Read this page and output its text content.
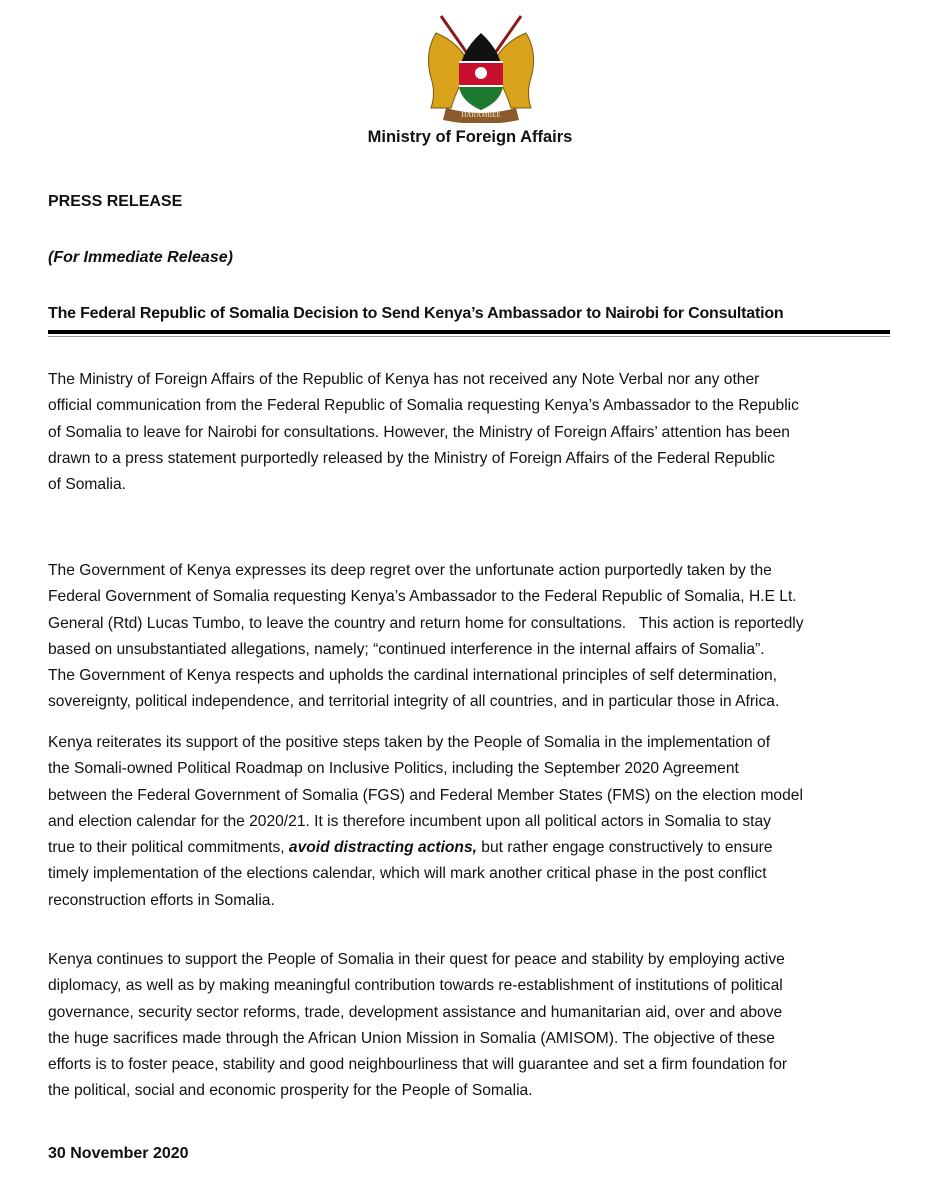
HARAMBEE
Ministry of Foreign Affairs
PRESS RELEASE
(For Immediate Release)
The Federal Republic of Somalia Decision to Send Kenya’s Ambassador to Nairobi for Consultation
The Ministry of Foreign Affairs of the Republic of Kenya has not received any Note Verbal nor any other
official communication from the Federal Republic of Somalia requesting Kenya’s Ambassador to the Republic
of Somalia to leave for Nairobi for consultations. However, the Ministry of Foreign Affairs’ attention has been
drawn to a press statement purportedly released by the Ministry of Foreign Affairs of the Federal Republic
of Somalia.
The Government of Kenya expresses its deep regret over the unfortunate action purportedly taken by the
Federal Government of Somalia requesting Kenya’s Ambassador to the Federal Republic of Somalia, H.E Lt.
General (Rtd) Lucas Tumbo, to leave the country and return home for consultations.   This action is reportedly
based on unsubstantiated allegations, namely; “continued interference in the internal affairs of Somalia”.
The Government of Kenya respects and upholds the cardinal international principles of self determination,
sovereignty, political independence, and territorial integrity of all countries, and in particular those in Africa.
Kenya reiterates its support of the positive steps taken by the People of Somalia in the implementation of
the Somali-owned Political Roadmap on Inclusive Politics, including the September 2020 Agreement
between the Federal Government of Somalia (FGS) and Federal Member States (FMS) on the election model
and election calendar for the 2020/21. It is therefore incumbent upon all political actors in Somalia to stay
true to their political commitments, avoid distracting actions, but rather engage constructively to ensure
timely implementation of the elections calendar, which will mark another critical phase in the post conflict
reconstruction efforts in Somalia.
Kenya continues to support the People of Somalia in their quest for peace and stability by employing active
diplomacy, as well as by making meaningful contribution towards re-establishment of institutions of political
governance, security sector reforms, trade, development assistance and humanitarian aid, over and above
the huge sacrifices made through the African Union Mission in Somalia (AMISOM). The objective of these
efforts is to foster peace, stability and good neighbourliness that will guarantee and set a firm foundation for
the political, social and economic prosperity for the People of Somalia.
30 November 2020
